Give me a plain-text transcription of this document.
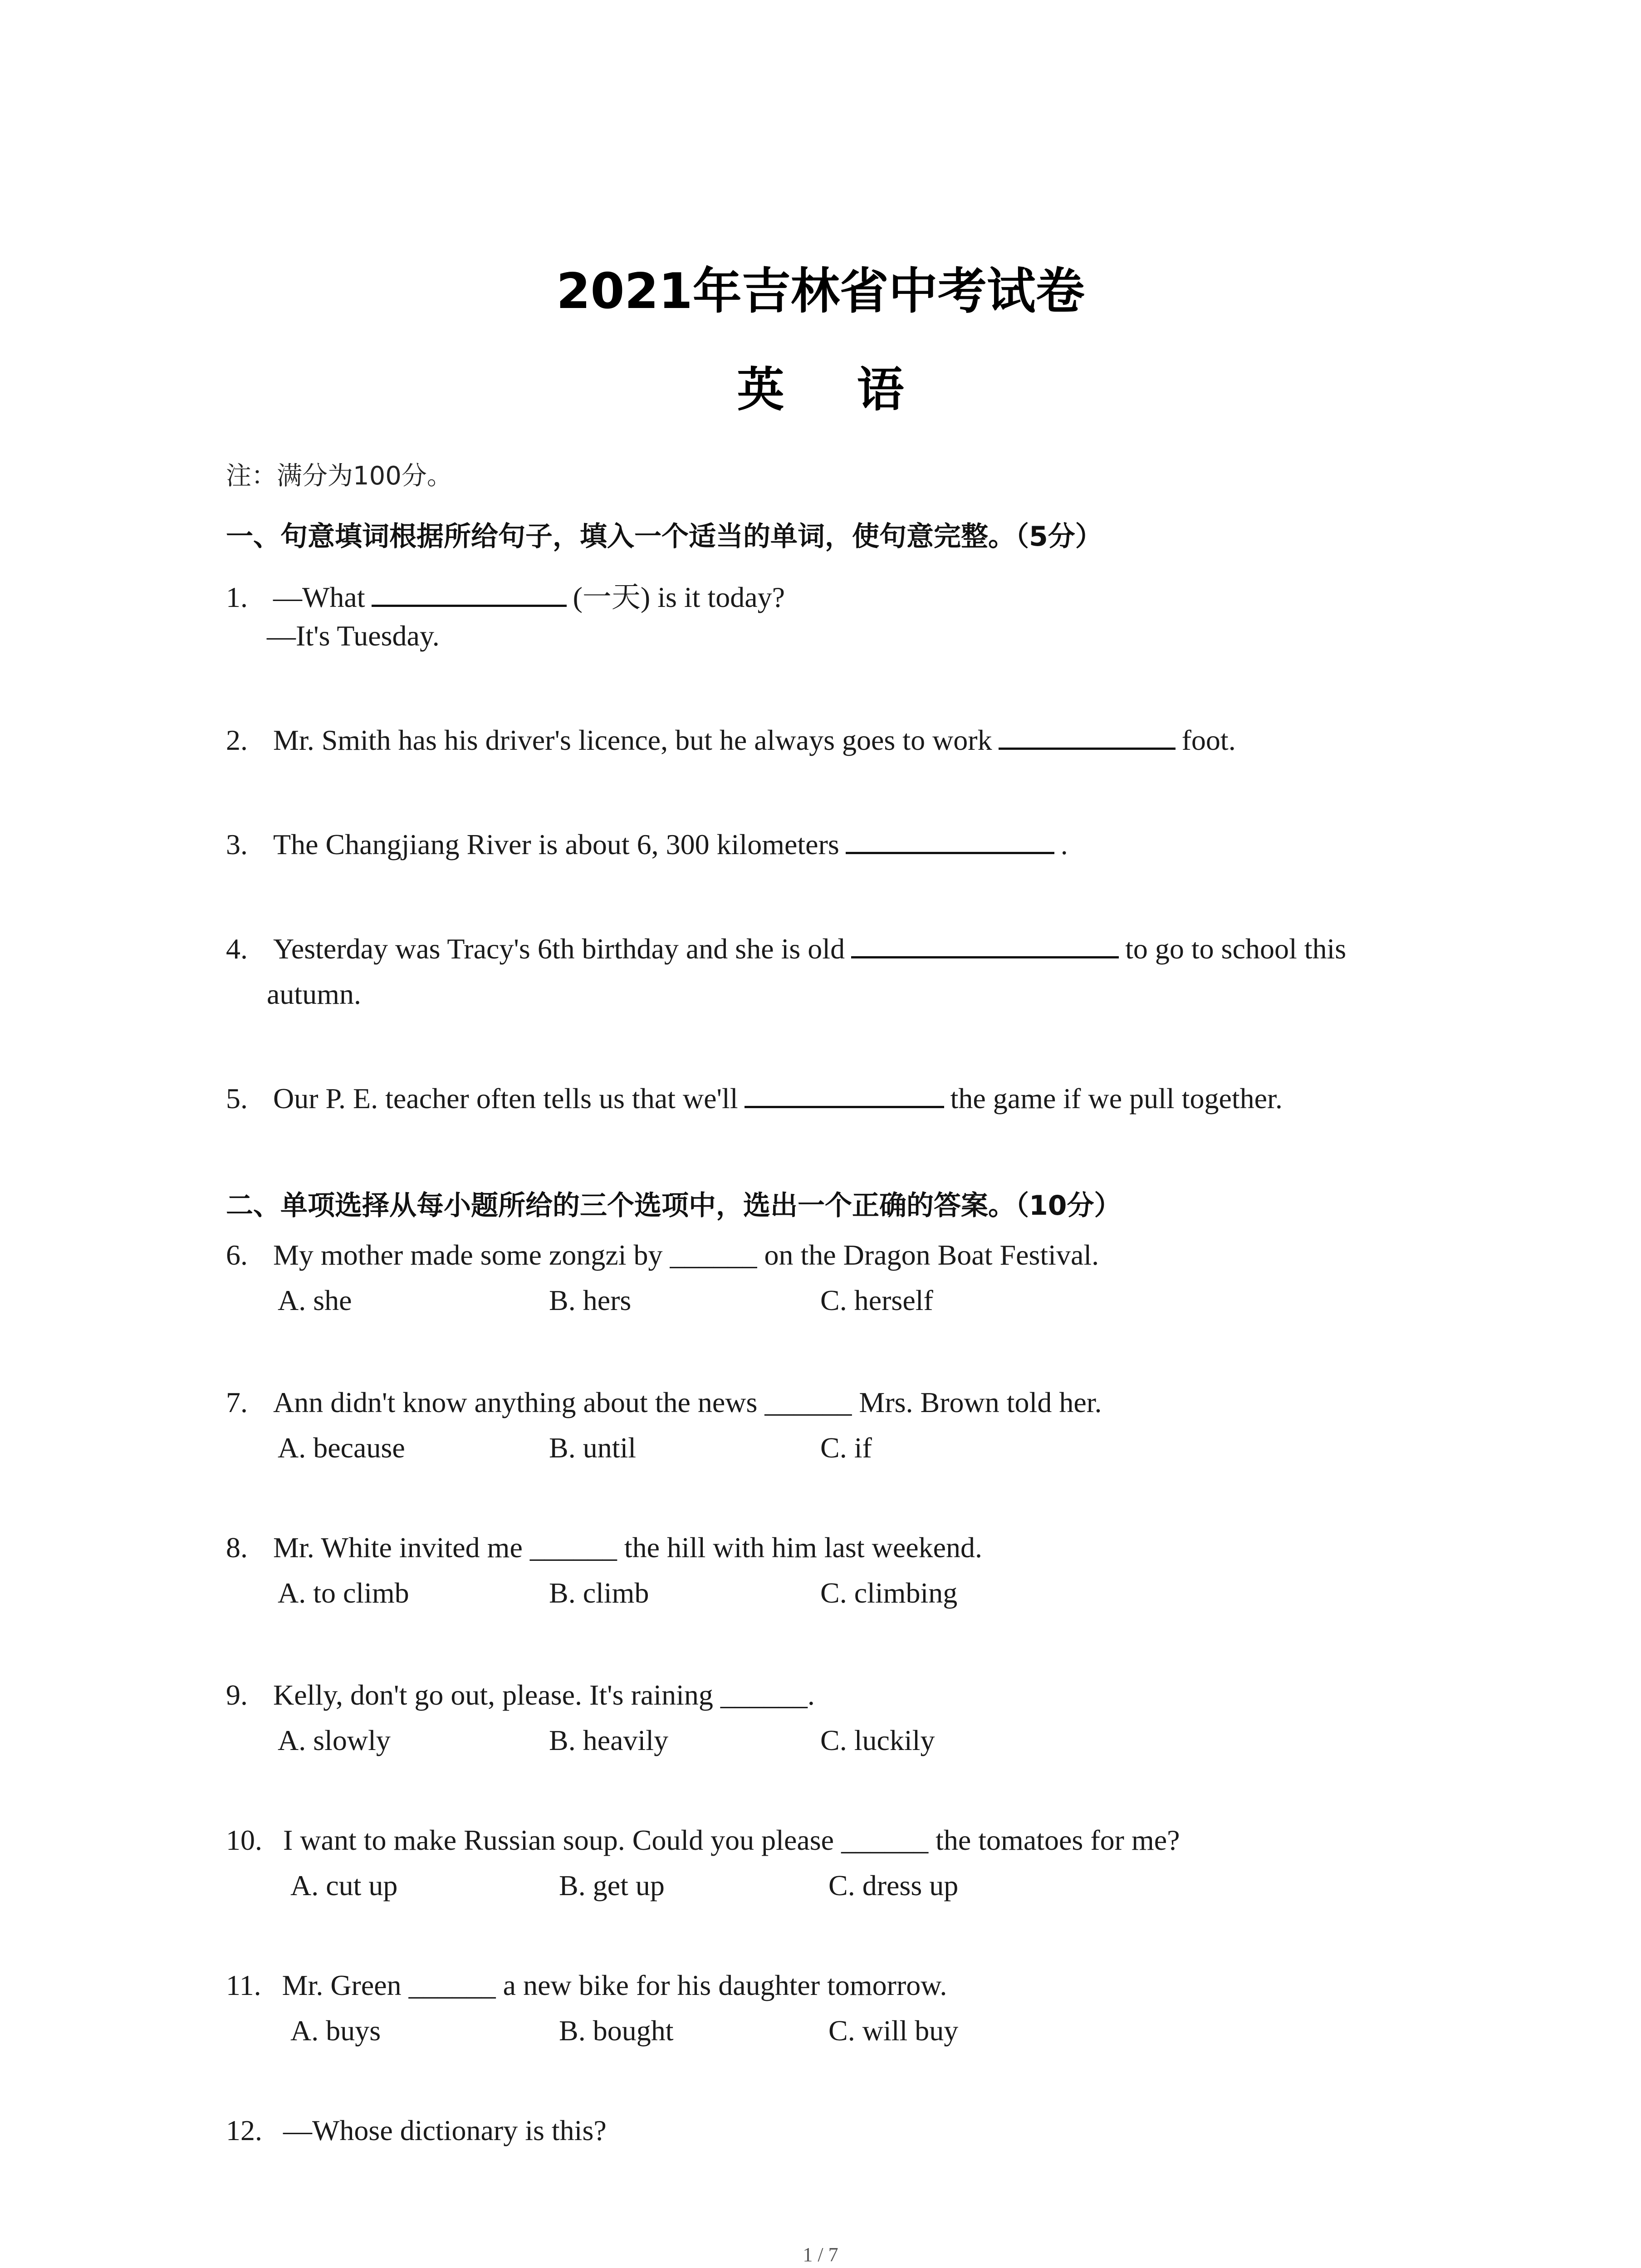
2021年吉林省中考试卷
英语
注：满分为100分。
一、句意填词根据所给句子，填入一个适当的单词，使句意完整。（5分）
1. —What	(一天) is it today?
—It's Tuesday.
2. Mr. Smith has his driver's licence, but he always goes to work	foot.
3. The Changjiang River is about 6, 300 kilometers	.
4. Yesterday was Tracy's 6th birthday and she is old	to go to school this
autumn.
5. Our P. E. teacher often tells us that we'll	the game if we pull together.
二、单项选择从每小题所给的三个选项中，选出一个正确的答案。（10分）
6. My mother made some zongzi by ______ on the Dragon Boat Festival.
A. she	B. hers	C. herself
7. Ann didn't know anything about the news ______ Mrs. Brown told her.
A. because	B. until	C. if
8. Mr. White invited me ______ the hill with him last weekend.
A. to climb	B. climb	C. climbing
9. Kelly, don't go out, please. It's raining ______.
A. slowly	B. heavily	C. luckily
10. I want to make Russian soup. Could you please ______ the tomatoes for me?
A. cut up	B. get up	C. dress up
11. Mr. Green ______ a new bike for his daughter tomorrow.
A. buys	B. bought	C. will buy
12. —Whose dictionary is this?
1 / 7
